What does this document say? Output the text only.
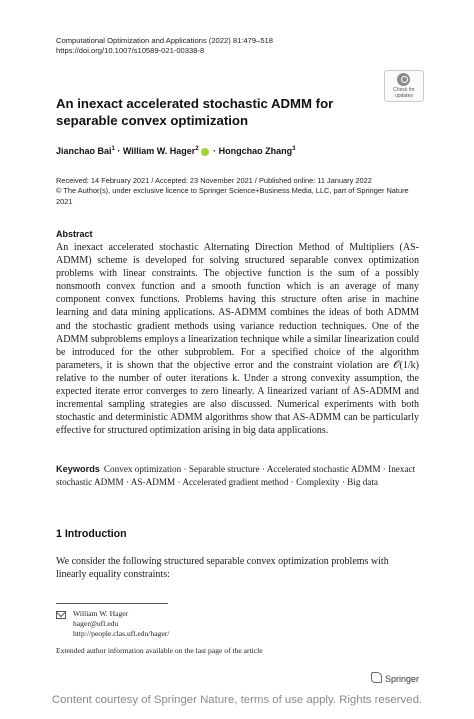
Computational Optimization and Applications (2022) 81:479–518
https://doi.org/10.1007/s10589-021-00338-8
Check for
updates
An inexact accelerated stochastic ADMM for separable convex optimization
Jianchao Bai$^1$ · William W. Hager$^2$ · Hongchao Zhang$^3$
Received: 14 February 2021 / Accepted: 23 November 2021 / Published online: 11 January 2022
© The Author(s), under exclusive licence to Springer Science+Business Media, LLC, part of Springer Nature 2021
Abstract
An inexact accelerated stochastic Alternating Direction Method of Multipliers (AS-ADMM) scheme is developed for solving structured separable convex optimization problems with linear constraints. The objective function is the sum of a possibly nonsmooth convex function and a smooth function which is an average of many component convex functions. Problems having this structure often arise in machine learning and data mining applications. AS-ADMM combines the ideas of both ADMM and the stochastic gradient methods using variance reduction techniques. One of the ADMM subproblems employs a linearization technique while a similar linearization could be introduced for the other subproblem. For a specified choice of the algorithm parameters, it is shown that the objective error and the constraint violation are 𝒪(1/k) relative to the number of outer iterations k. Under a strong convexity assumption, the expected iterate error converges to zero linearly. A linearized variant of AS-ADMM and incremental sampling strategies are also discussed. Numerical experiments with both stochastic and deterministic ADMM algorithms show that AS-ADMM can be particularly effective for structured optimization arising in big data applications.
Keywords Convex optimization · Separable structure · Accelerated stochastic ADMM · Inexact stochastic ADMM · AS-ADMM · Accelerated gradient method · Complexity · Big data
1 Introduction
We consider the following structured separable convex optimization problems with linearly equality constraints:
William W. Hager
hager@ufl.edu
http://people.clas.ufl.edu/hager/
Extended author information available on the last page of the article
Springer
Content courtesy of Springer Nature, terms of use apply. Rights reserved.
